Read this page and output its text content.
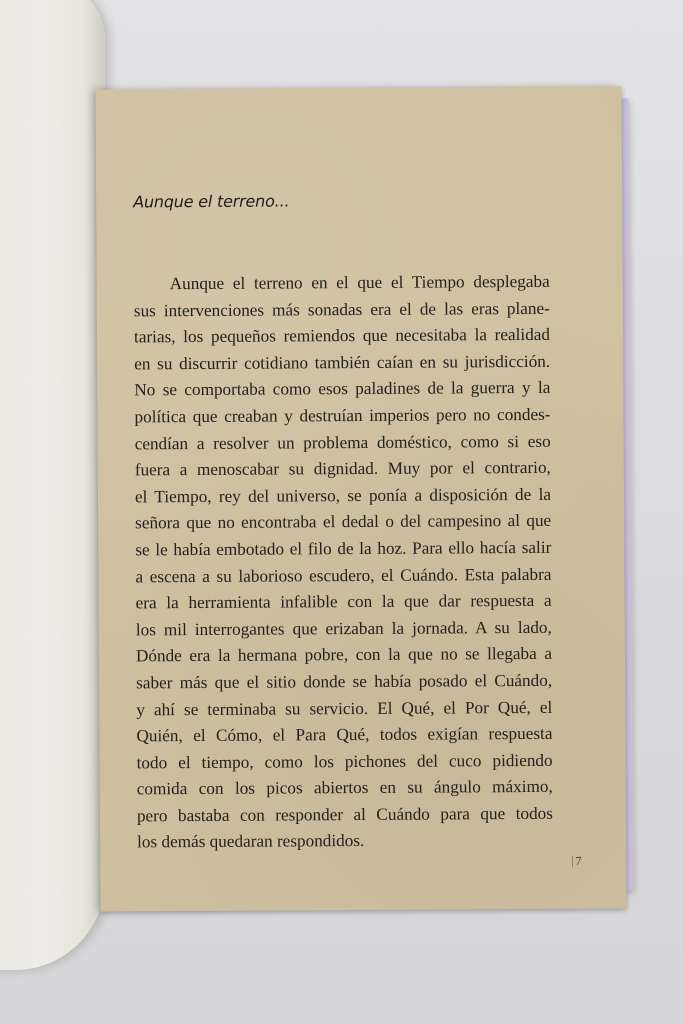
Aunque el terreno...
Aunque el terreno en el que el Tiempo desplegaba
sus intervenciones más sonadas era el de las eras plane-
tarias, los pequeños remiendos que necesitaba la realidad
en su discurrir cotidiano también caían en su jurisdicción.
No se comportaba como esos paladines de la guerra y la
política que creaban y destruían imperios pero no condes-
cendían a resolver un problema doméstico, como si eso
fuera a menoscabar su dignidad. Muy por el contrario,
el Tiempo, rey del universo, se ponía a disposición de la
señora que no encontraba el dedal o del campesino al que
se le había embotado el filo de la hoz. Para ello hacía salir
a escena a su laborioso escudero, el Cuándo. Esta palabra
era la herramienta infalible con la que dar respuesta a
los mil interrogantes que erizaban la jornada. A su lado,
Dónde era la hermana pobre, con la que no se llegaba a
saber más que el sitio donde se había posado el Cuándo,
y ahí se terminaba su servicio. El Qué, el Por Qué, el
Quién, el Cómo, el Para Qué, todos exigían respuesta
todo el tiempo, como los pichones del cuco pidiendo
comida con los picos abiertos en su ángulo máximo,
pero bastaba con responder al Cuándo para que todos
los demás quedaran respondidos.
| 7
